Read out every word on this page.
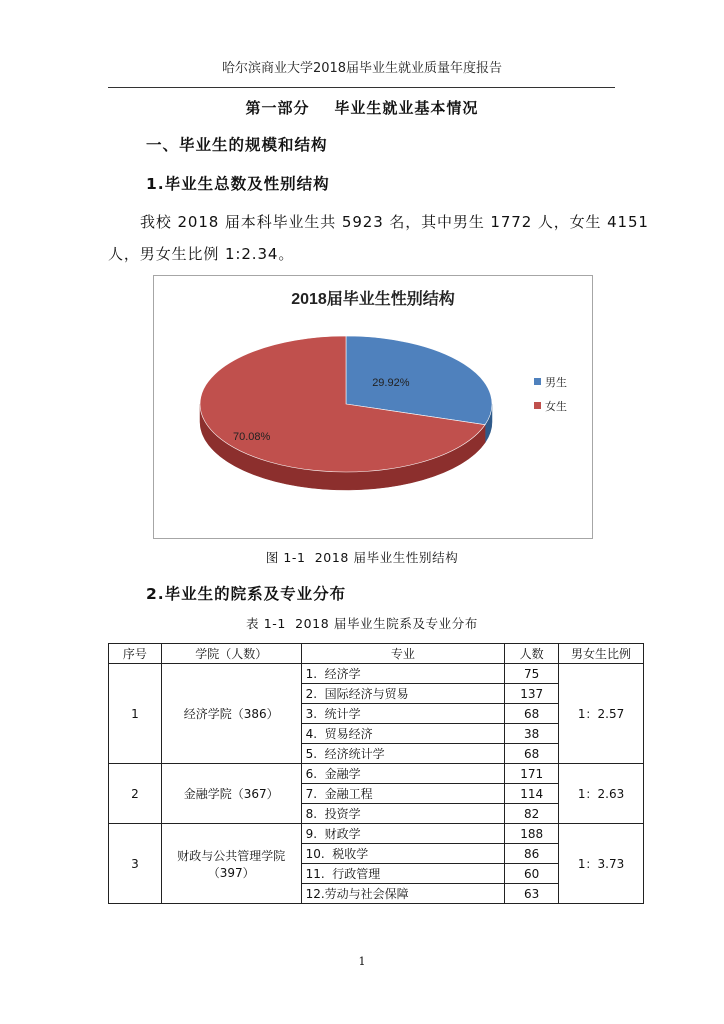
哈尔滨商业大学2018届毕业生就业质量年度报告
第一部分    毕业生就业基本情况
一、毕业生的规模和结构
1.毕业生总数及性别结构
我校 2018 届本科毕业生共 5923 名，其中男生 1772 人，女生 4151
人，男女生比例 1:2.34。
2018届毕业生性别结构
29.92%
70.08%
男生
女生
图 1-1  2018 届毕业生性别结构
2.毕业生的院系及专业分布
表 1-1  2018 届毕业生院系及专业分布
序号	学院（人数）	专业	人数	男女生比例
1	经济学院（386）	1.  经济学	75	1：2.57
		2.  国际经济与贸易	137	
		3.  统计学	68	
		4.  贸易经济	38	
		5.  经济统计学	68	
2	金融学院（367）	6.  金融学	171	1：2.63
		7.  金融工程	114	
		8.  投资学	82	
3	财政与公共管理学院
（397）	9.  财政学	188	1：3.73
		10.  税收学	86	
		11.  行政管理	60	
		12.劳动与社会保障	63	
1
